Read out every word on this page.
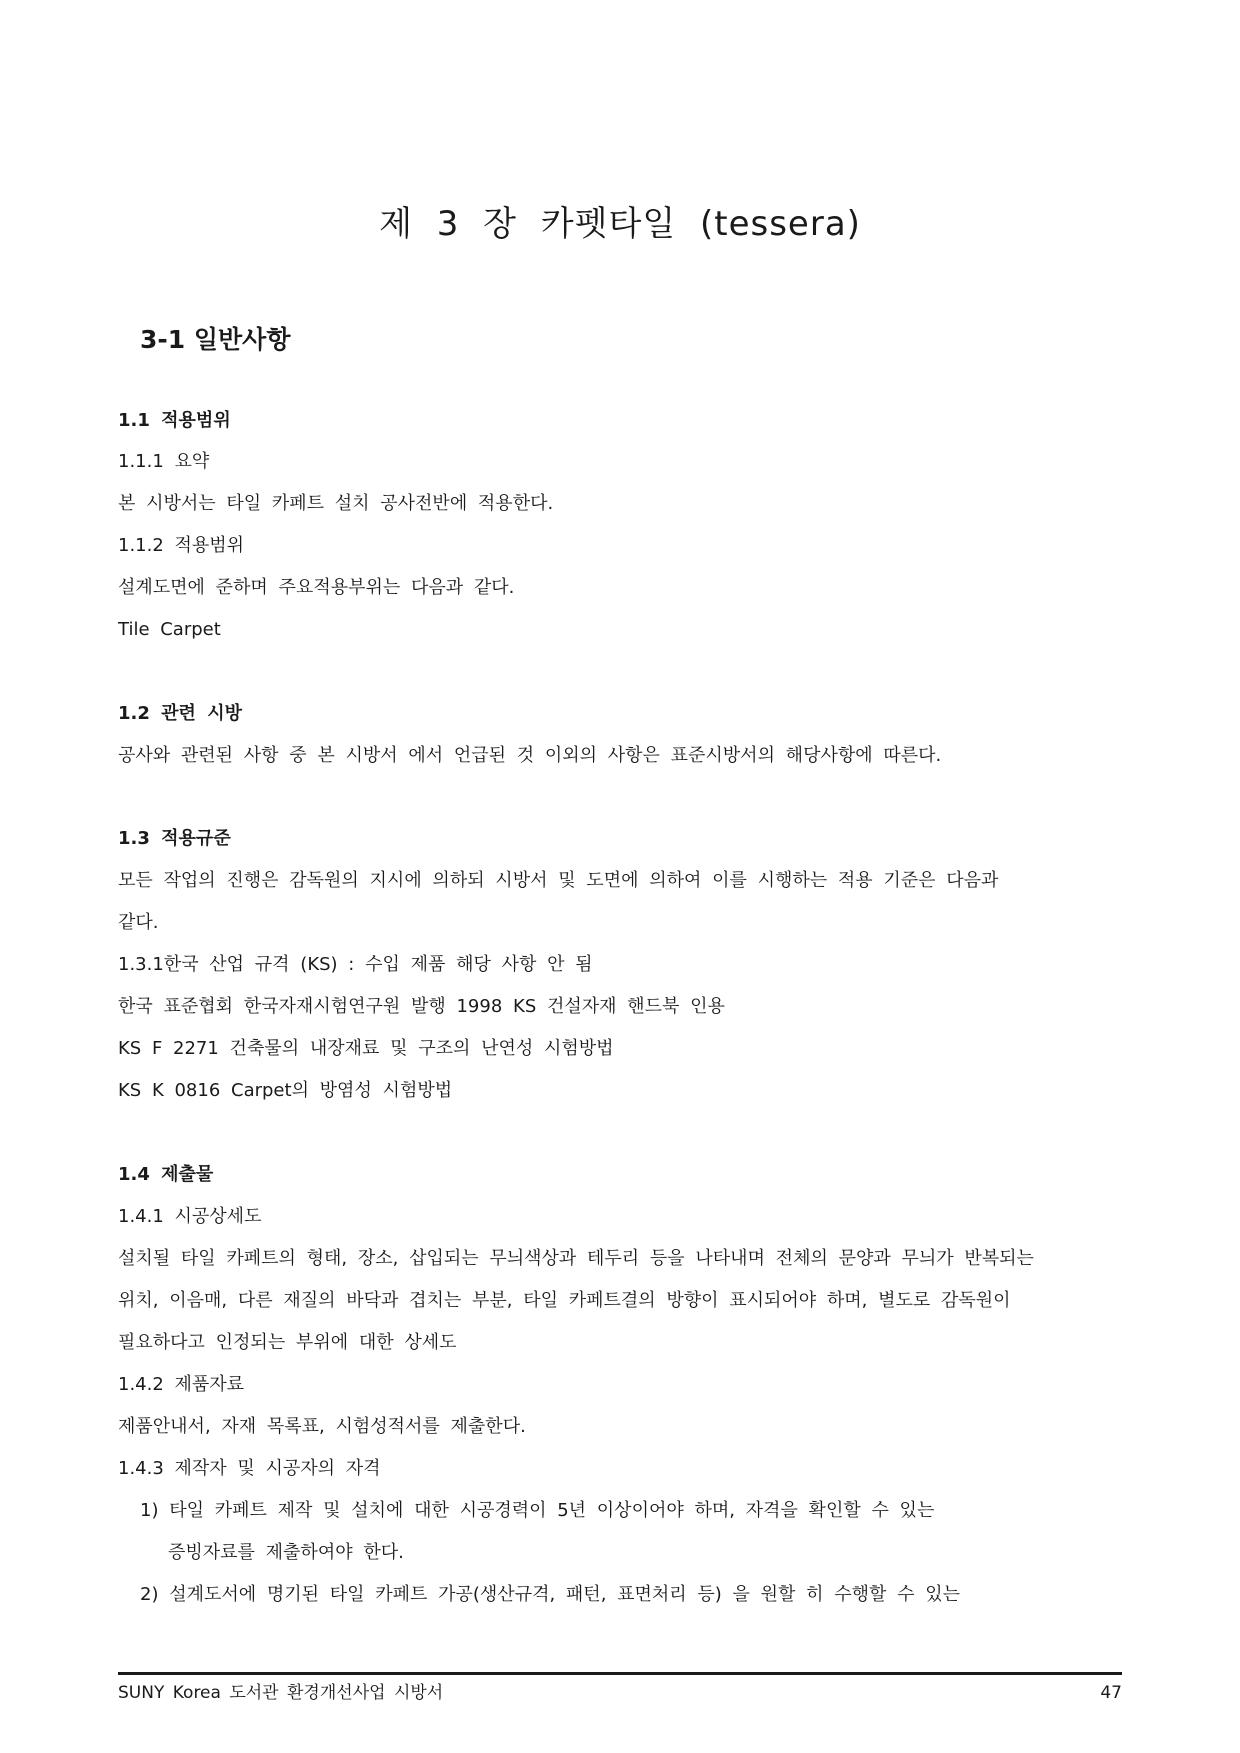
제 3 장 카펫타일 (tessera)
3-1 일반사항

1.1 적용범위

1.1.1 요약

본 시방서는 타일 카페트 설치 공사전반에 적용한다.

1.1.2 적용범위

설계도면에 준하며 주요적용부위는 다음과 같다.

Tile Carpet

1.2 관련 시방

공사와 관련된 사항 중 본 시방서 에서 언급된 것 이외의 사항은 표준시방서의 해당사항에 따른다.

1.3 적용규준

모든 작업의 진행은 감독원의 지시에 의하되 시방서 및 도면에 의하여 이를 시행하는 적용 기준은 다음과

같다.

1.3.1한국 산업 규격 (KS) : 수입 제품 해당 사항 안 됨

한국 표준협회 한국자재시험연구원 발행 1998 KS 건설자재 핸드북 인용

KS F 2271 건축물의 내장재료 및 구조의 난연성 시험방법

KS K 0816 Carpet의 방염성 시험방법

1.4 제출물

1.4.1 시공상세도

설치될 타일 카페트의 형태, 장소, 삽입되는 무늬색상과 테두리 등을 나타내며 전체의 문양과 무늬가 반복되는

위치, 이음매, 다른 재질의 바닥과 겹치는 부분, 타일 카페트결의 방향이 표시되어야 하며, 별도로 감독원이

필요하다고 인정되는 부위에 대한 상세도

1.4.2 제품자료

제품안내서, 자재 목록표, 시험성적서를 제출한다.

1.4.3 제작자 및 시공자의 자격

1) 타일 카페트 제작 및 설치에 대한 시공경력이 5년 이상이어야 하며, 자격을 확인할 수 있는

증빙자료를 제출하여야 한다.

2) 설계도서에 명기된 타일 카페트 가공(생산규격, 패턴, 표면처리 등) 을 원할 히 수행할 수 있는

SUNY Korea 도서관 환경개선사업 시방서	47
